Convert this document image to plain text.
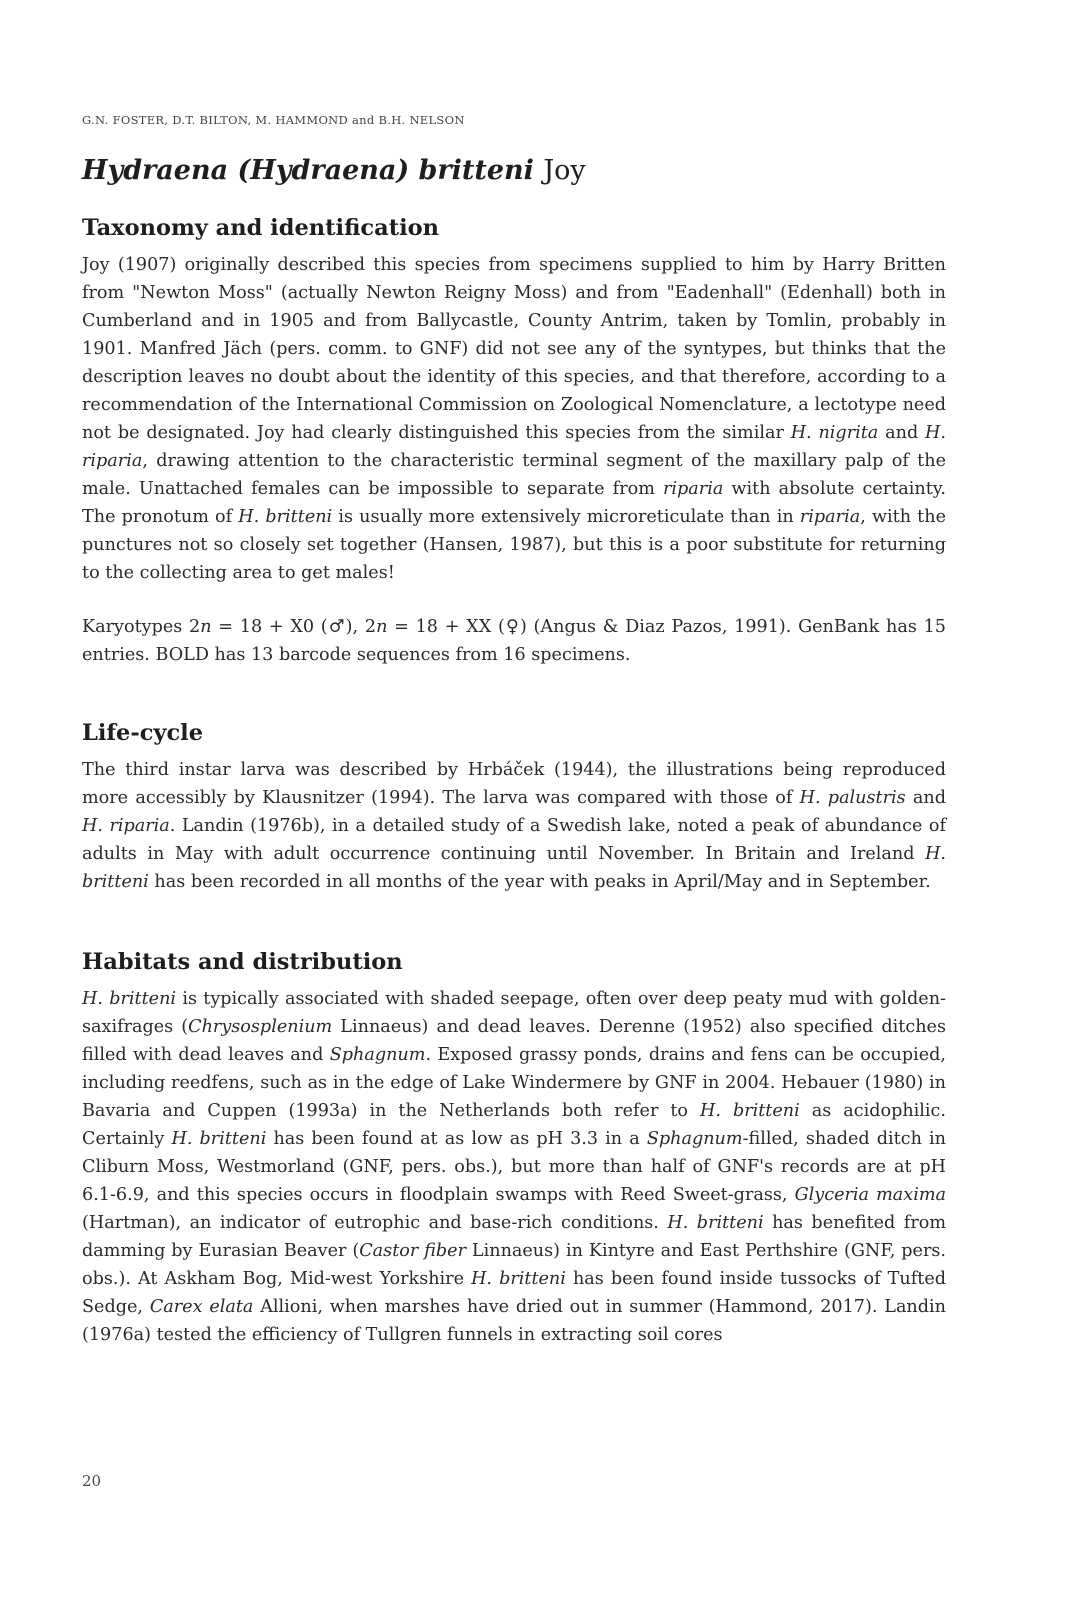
G.N. FOSTER, D.T. BILTON, M. HAMMOND and B.H. NELSON
Hydraena (Hydraena) britteni Joy
Taxonomy and identification

Joy (1907) originally described this species from specimens supplied to him by Harry Britten from "Newton Moss" (actually Newton Reigny Moss) and from "Eadenhall" (Edenhall) both in Cumberland and in 1905 and from Ballycastle, County Antrim, taken by Tomlin, probably in 1901. Manfred Jäch (pers. comm. to GNF) did not see any of the syntypes, but thinks that the description leaves no doubt about the identity of this species, and that therefore, according to a recommendation of the International Commission on Zoological Nomenclature, a lectotype need not be designated. Joy had clearly distinguished this species from the similar H. nigrita and H. riparia, drawing attention to the characteristic terminal segment of the maxillary palp of the male. Unattached females can be impossible to separate from riparia with absolute certainty. The pronotum of H. britteni is usually more extensively microreticulate than in riparia, with the punctures not so closely set together (Hansen, 1987), but this is a poor substitute for returning to the collecting area to get males!

Karyotypes 2n = 18 + X0 (♂), 2n = 18 + XX (♀) (Angus & Diaz Pazos, 1991). GenBank has 15 entries. BOLD has 13 barcode sequences from 16 specimens.

Life-cycle

The third instar larva was described by Hrbáček (1944), the illustrations being reproduced more accessibly by Klausnitzer (1994). The larva was compared with those of H. palustris and H. riparia. Landin (1976b), in a detailed study of a Swedish lake, noted a peak of abundance of adults in May with adult occurrence continuing until November. In Britain and Ireland H. britteni has been recorded in all months of the year with peaks in April/May and in September.

Habitats and distribution

H. britteni is typically associated with shaded seepage, often over deep peaty mud with golden-saxifrages (Chrysosplenium Linnaeus) and dead leaves. Derenne (1952) also specified ditches filled with dead leaves and Sphagnum. Exposed grassy ponds, drains and fens can be occupied, including reedfens, such as in the edge of Lake Windermere by GNF in 2004. Hebauer (1980) in Bavaria and Cuppen (1993a) in the Netherlands both refer to H. britteni as acidophilic. Certainly H. britteni has been found at as low as pH 3.3 in a Sphagnum-filled, shaded ditch in Cliburn Moss, Westmorland (GNF, pers. obs.), but more than half of GNF's records are at pH 6.1-6.9, and this species occurs in floodplain swamps with Reed Sweet-grass, Glyceria maxima (Hartman), an indicator of eutrophic and base-rich conditions. H. britteni has benefited from damming by Eurasian Beaver (Castor fiber Linnaeus) in Kintyre and East Perthshire (GNF, pers. obs.). At Askham Bog, Mid-west Yorkshire H. britteni has been found inside tussocks of Tufted Sedge, Carex elata Allioni, when marshes have dried out in summer (Hammond, 2017). Landin (1976a) tested the efficiency of Tullgren funnels in extracting soil cores

20
